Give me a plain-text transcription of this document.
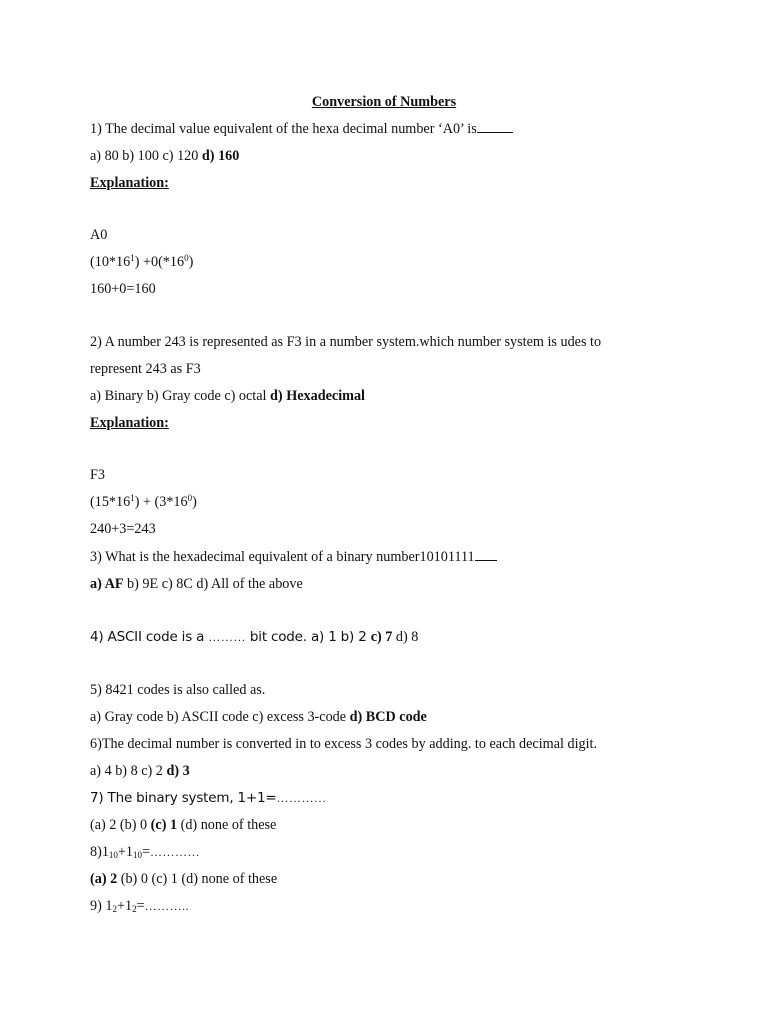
Conversion of Numbers
1) The decimal value equivalent of the hexa decimal number ‘A0’ is
a) 80 b) 100 c) 120 d) 160
Explanation:
A0
$(10*16^1) +0(*16^0)$
160+0=160
2) A number 243 is represented as F3 in a number system.which number system is udes to
represent 243 as F3
a) Binary b) Gray code c) octal d) Hexadecimal
Explanation:
F3
$(15*16^1) + (3*16^0)$
240+3=243
3) What is the hexadecimal equivalent of a binary number10101111
a) AF b) 9E c) 8C d) All of the above
4) ASCII code is a ……… bit code. a) 1 b) 2 c) 7 d) 8
5) 8421 codes is also called as.
a) Gray code b) ASCII code c) excess 3-code d) BCD code
6)The decimal number is converted in to excess 3 codes by adding. to each decimal digit.
a) 4 b) 8 c) 2 d) 3
7) The binary system, 1+1=…………
(a) 2 (b) 0 (c) 1 (d) none of these
$8)1_{10}+1_{10}=\dots\dots\dots\dots$
(a) 2 (b) 0 (c) 1 (d) none of these
9) $1_2+1_2=\dots\dots\dots$..
